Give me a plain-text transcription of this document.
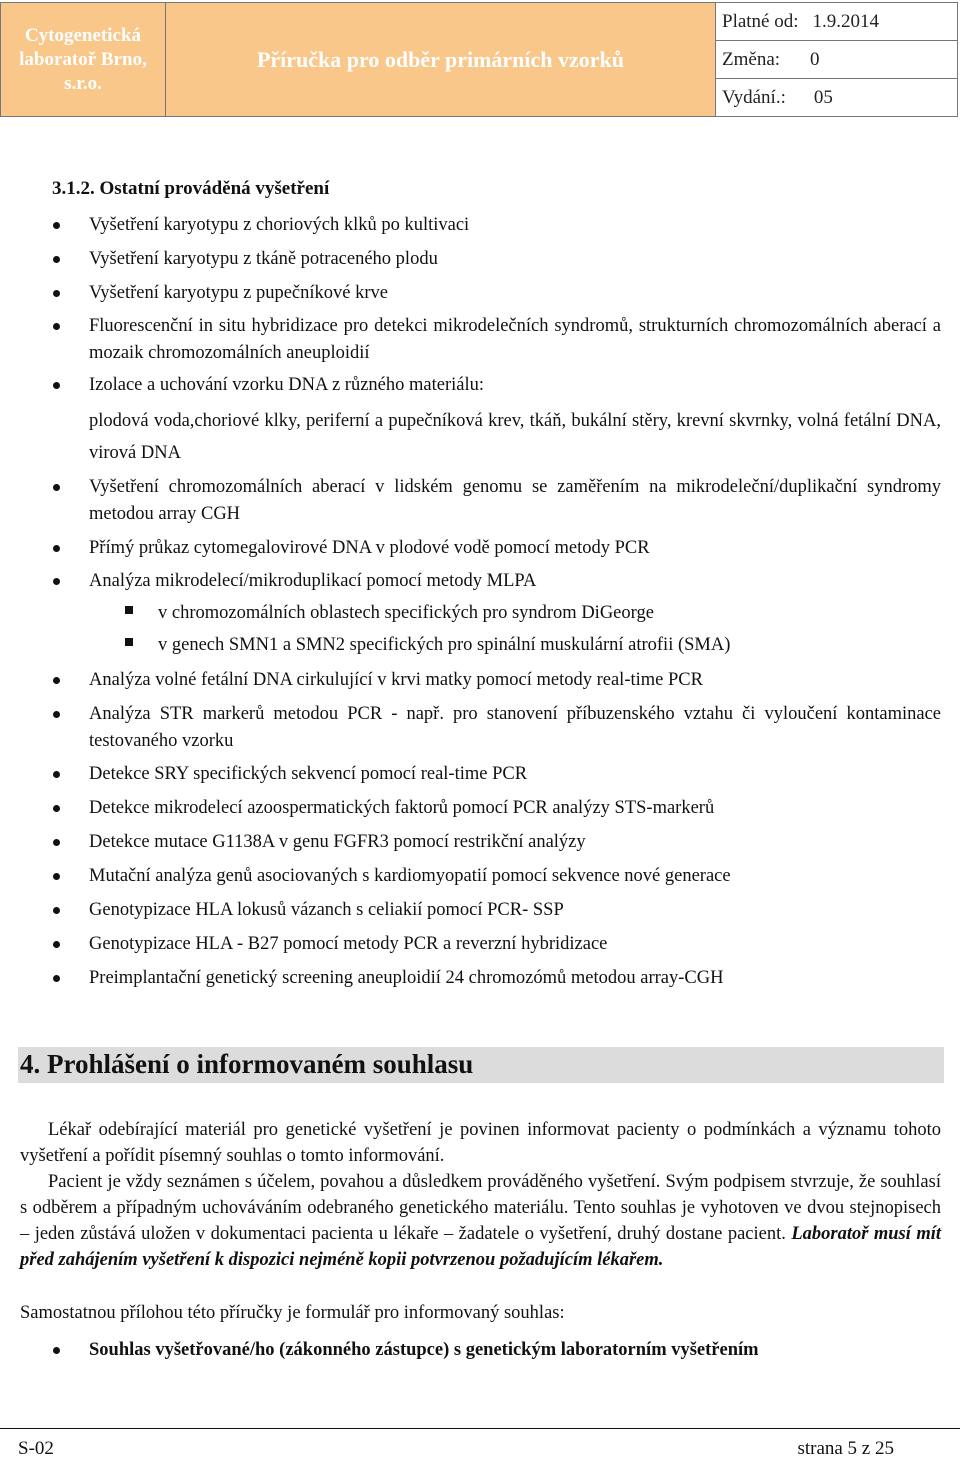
Cytogenetická
laboratoř Brno, s.r.o.
Příručka pro odběr primárních vzorků
Platné od: 1.9.2014
Změna: 0
Vydání.: 05
3.1.2. Ostatní prováděná vyšetření
Vyšetření karyotypu z choriových klků po kultivaci
Vyšetření karyotypu z tkáně potraceného plodu
Vyšetření karyotypu z pupečníkové krve
Fluorescenční in situ hybridizace pro detekci mikrodelečních syndromů, strukturních chromozomálních aberací a mozaik chromozomálních aneuploidií
Izolace a uchování vzorku DNA z různého materiálu:
plodová voda,choriové klky, periferní a pupečníková krev, tkáň, bukální stěry, krevní skvrnky, volná fetální DNA, virová DNA
Vyšetření chromozomálních aberací v lidském genomu se zaměřením na mikrodeleční/duplikační syndromy metodou array CGH
Přímý průkaz cytomegalovirové DNA v plodové vodě pomocí metody PCR
Analýza mikrodelecí/mikroduplikací pomocí metody MLPA
v chromozomálních oblastech specifických pro syndrom DiGeorge
v genech SMN1 a SMN2 specifických pro spinální muskulární atrofii (SMA)
Analýza volné fetální DNA cirkulující v krvi matky pomocí metody real-time PCR
Analýza STR markerů metodou PCR - např. pro stanovení příbuzenského vztahu či vyloučení kontaminace testovaného vzorku
Detekce SRY specifických sekvencí pomocí real-time PCR
Detekce mikrodelecí azoospermatických faktorů pomocí PCR analýzy STS-markerů
Detekce mutace G1138A v genu FGFR3 pomocí restrikční analýzy
Mutační analýza genů asociovaných s kardiomyopatií pomocí sekvence nové generace
Genotypizace HLA lokusů vázanch s celiakií pomocí PCR- SSP
Genotypizace HLA - B27 pomocí metody PCR a reverzní hybridizace
Preimplantační genetický screening aneuploidií 24 chromozómů metodou array-CGH
4. Prohlášení o informovaném souhlasu
Lékař odebírající materiál pro genetické vyšetření je povinen informovat pacienty o podmínkách a významu tohoto vyšetření a pořídit písemný souhlas o tomto informování.
Pacient je vždy seznámen s účelem, povahou a důsledkem prováděného vyšetření. Svým podpisem stvrzuje, že souhlasí s odběrem a případným uchováváním odebraného genetického materiálu. Tento souhlas je vyhotoven ve dvou stejnopisech – jeden zůstává uložen v dokumentaci pacienta u lékaře – žadatele o vyšetření, druhý dostane pacient. Laboratoř musí mít před zahájením vyšetření k dispozici nejméně kopii potvrzenou požadujícím lékařem.
Samostatnou přílohou této příručky je formulář pro informovaný souhlas:
Souhlas vyšetřované/ho (zákonného zástupce) s genetickým laboratorním vyšetřením
S-02	strana 5 z 25
